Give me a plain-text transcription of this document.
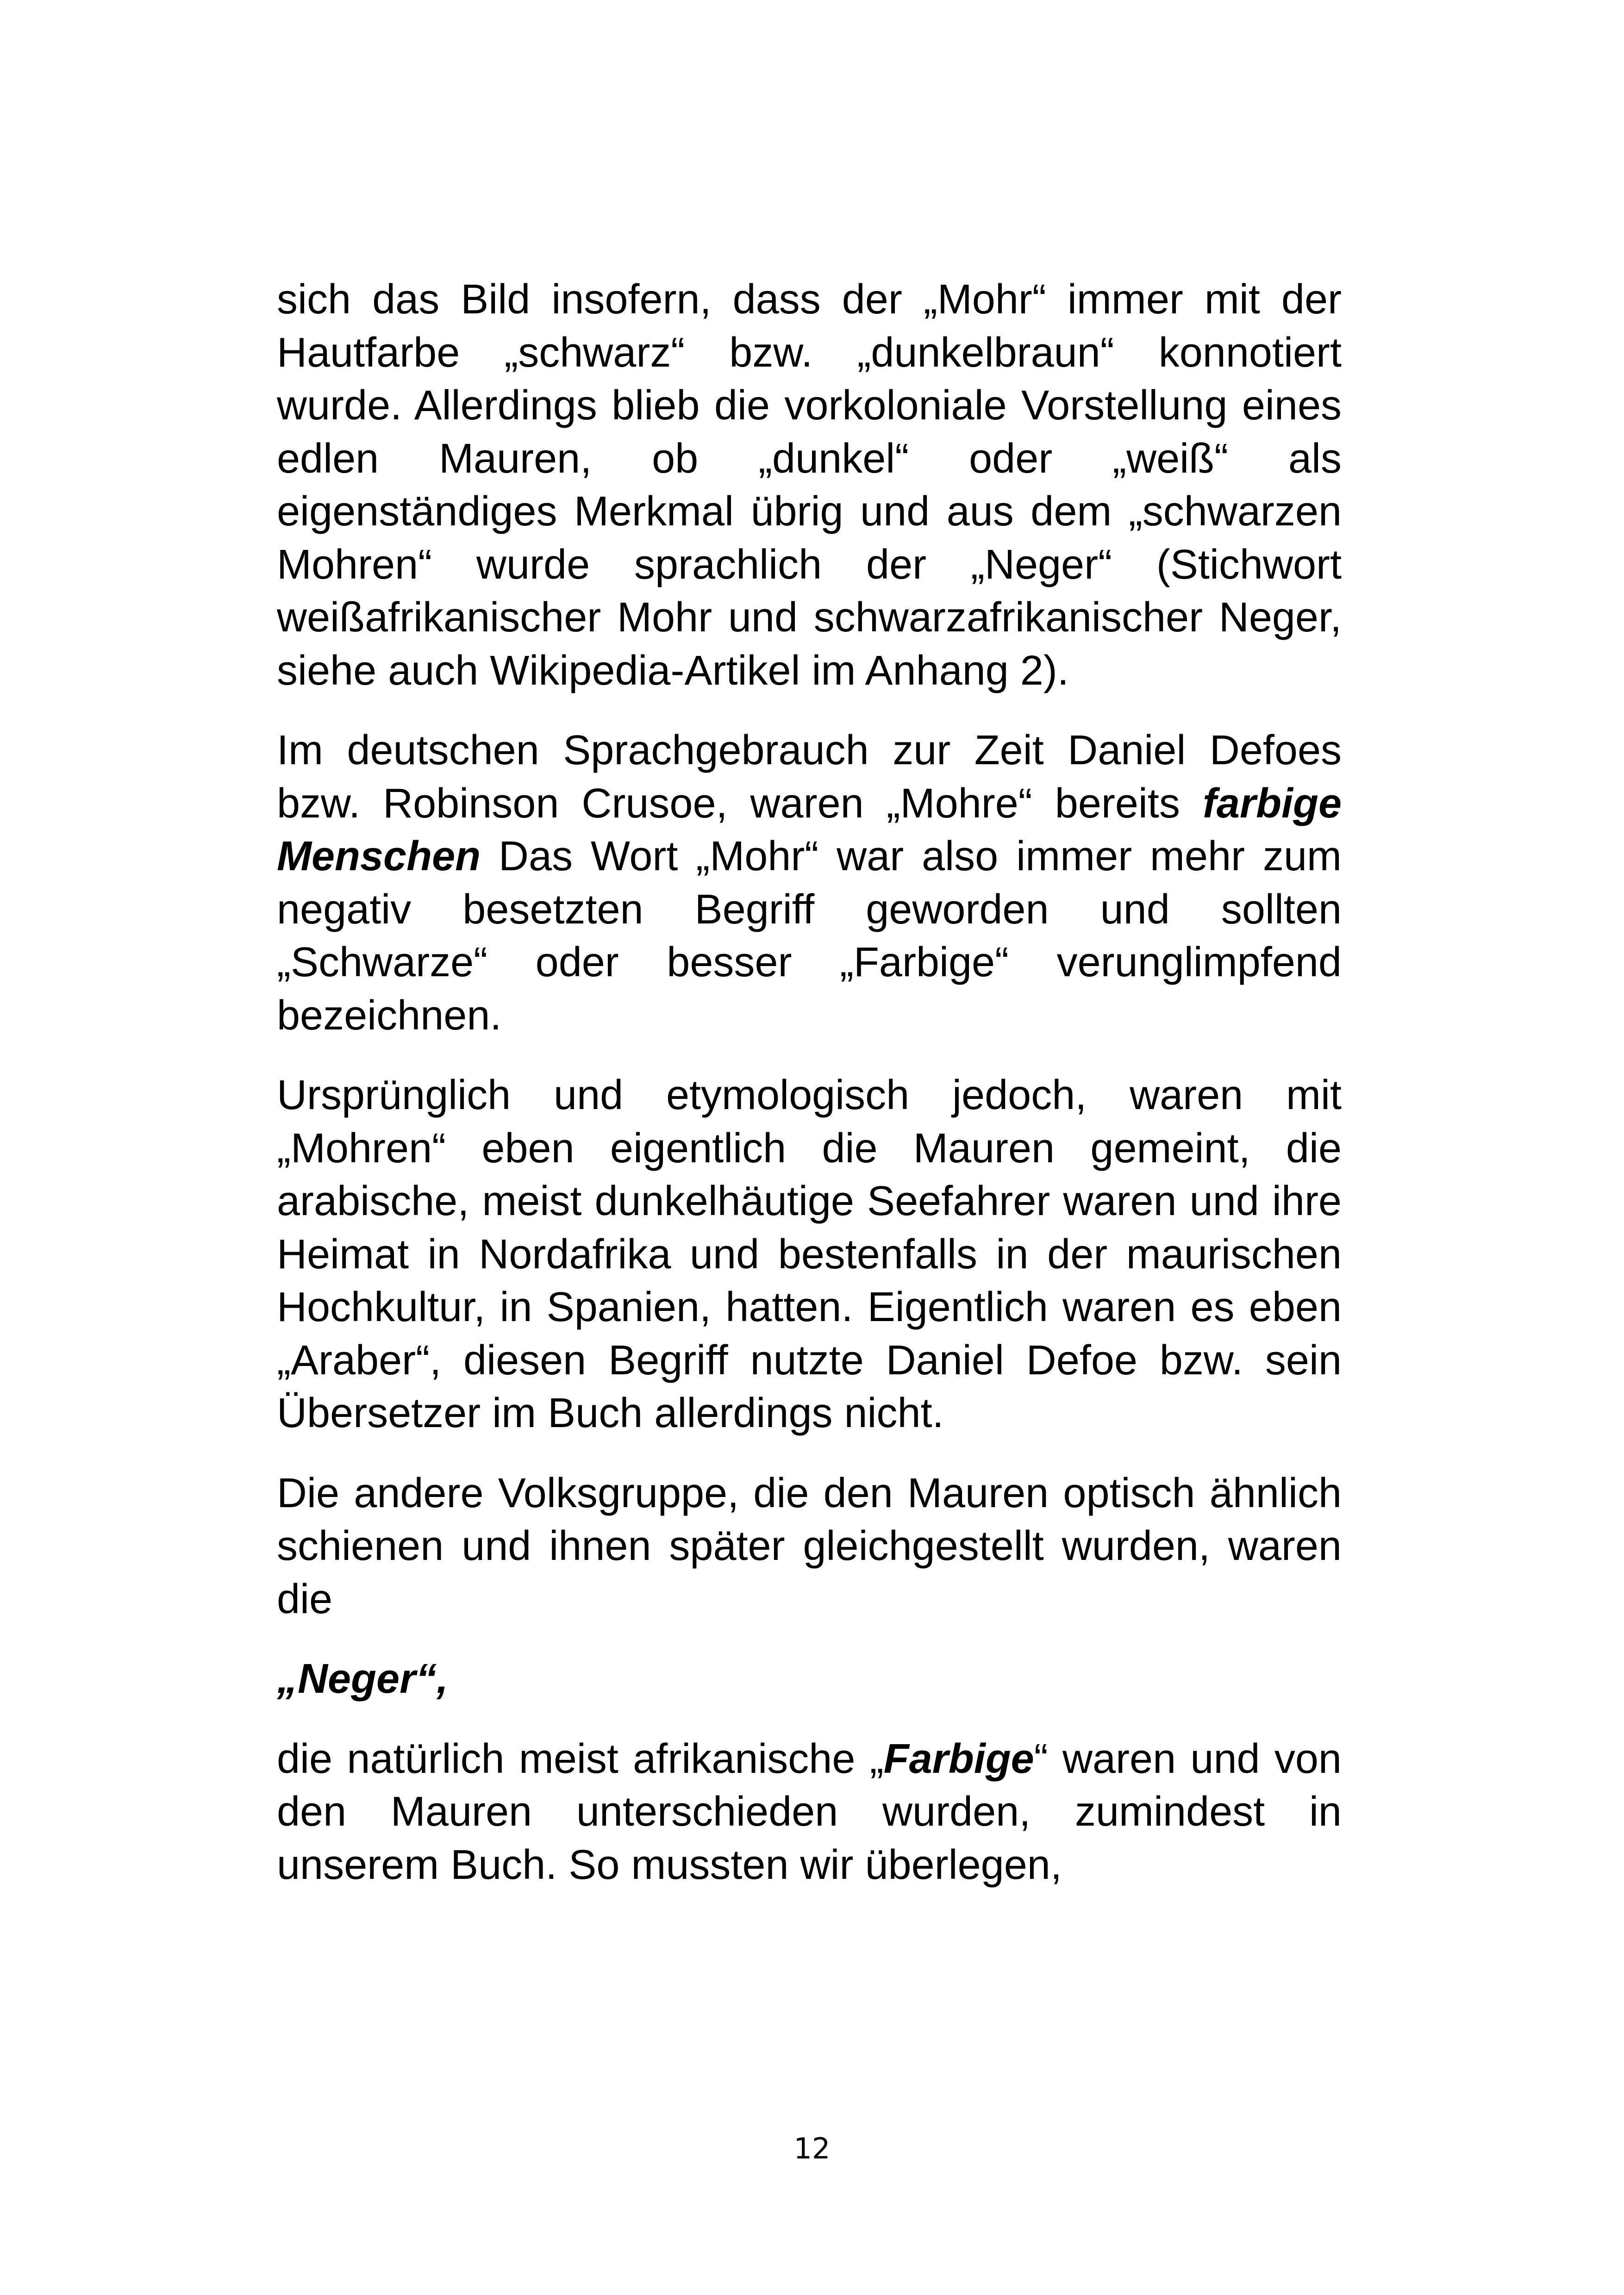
sich das Bild insofern, dass der „Mohr“ immer mit der Hautfarbe „schwarz“ bzw. „dunkelbraun“ konnotiert wurde. Allerdings blieb die vorkoloniale Vorstellung eines edlen Mauren, ob „dunkel“ oder „weiß“ als eigenständiges Merkmal übrig und aus dem „schwarzen Mohren“ wurde sprachlich der „Neger“ (Stichwort weißafrikanischer Mohr und schwarzafrikanischer Neger, siehe auch Wikipedia-Artikel im Anhang 2).

Im deutschen Sprachgebrauch zur Zeit Daniel Defoes bzw. Robinson Crusoe, waren „Mohre“ bereits farbige Menschen Das Wort „Mohr“ war also immer mehr zum negativ besetzten Begriff geworden und sollten „Schwarze“ oder besser „Farbige“ verunglimpfend bezeichnen.

Ursprünglich und etymologisch jedoch, waren mit „Mohren“ eben eigentlich die Mauren gemeint, die arabische, meist dunkelhäutige Seefahrer waren und ihre Heimat in Nordafrika und bestenfalls in der maurischen Hochkultur, in Spanien, hatten. Eigentlich waren es eben „Araber“, diesen Begriff nutzte Daniel Defoe bzw. sein Übersetzer im Buch allerdings nicht.

Die andere Volksgruppe, die den Mauren optisch ähnlich schienen und ihnen später gleichgestellt wurden, waren die

„Neger“,

die natürlich meist afrikanische „Farbige“ waren und von den Mauren unterschieden wurden, zumindest in unserem Buch. So mussten wir überlegen,

12
